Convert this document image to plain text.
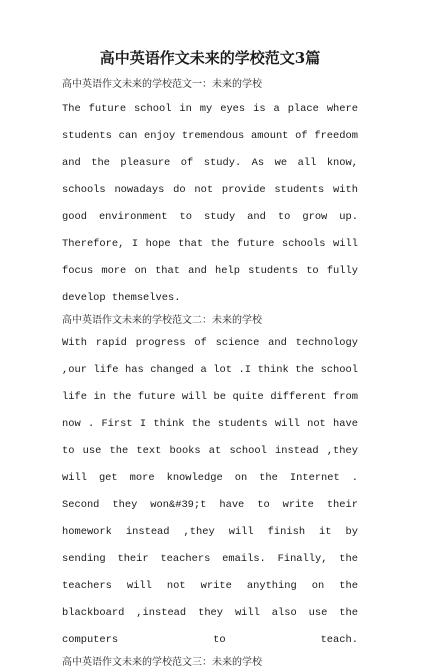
高中英语作文未来的学校范文3篇

高中英语作文未来的学校范文一：未来的学校

The future school in my eyes is a place where students can enjoy tremendous amount of freedom and the pleasure of study. As we all know, schools nowadays do not provide students with good environment to study and to grow up. Therefore, I hope that the future schools will focus more on that and help students to fully develop themselves.

高中英语作文未来的学校范文二：未来的学校

With rapid progress of science and technology ,our life has changed a lot .I think the school life in the future will be quite different from now . First I think the students will not have to use the text books at school instead ,they will get more knowledge on the Internet . Second they won&#39;t have to write their homework instead ,they will finish it by sending their teachers emails. Finally, the teachers will not write anything on the blackboard ,instead they will also use the computers to teach.

高中英语作文未来的学校范文三：未来的学校
